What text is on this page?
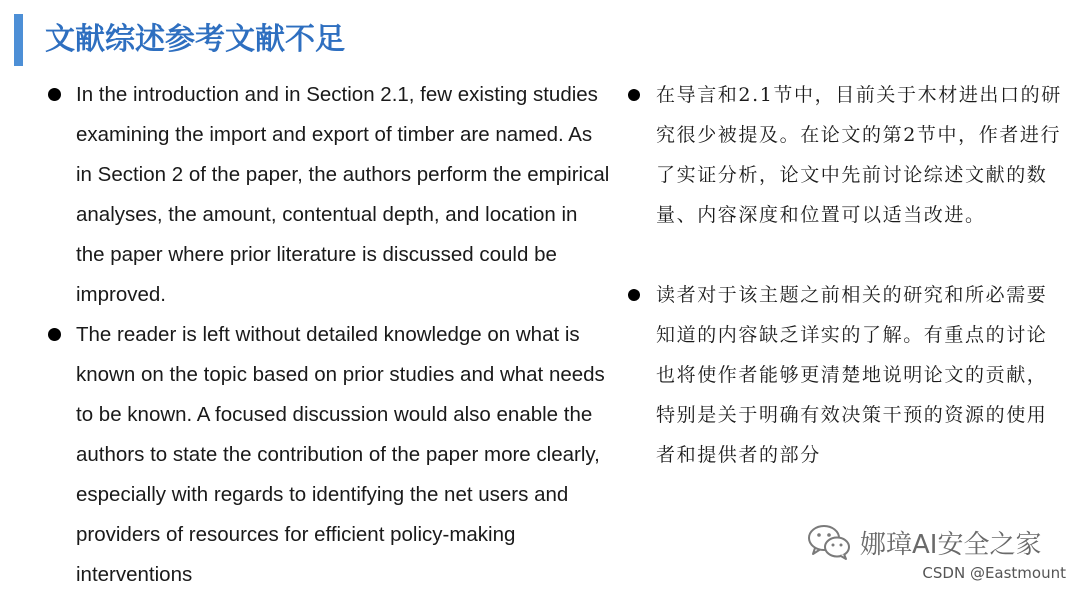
文献综述参考文献不足
In the introduction and in Section 2.1, few existing studies examining the import and export of timber are named. As in Section 2 of the paper, the authors perform the empirical analyses, the amount, contentual depth, and location in the paper where prior literature is discussed could be improved.
The reader is left without detailed knowledge on what is known on the topic based on prior studies and what needs to be known. A focused discussion would also enable the authors to state the contribution of the paper more clearly, especially with regards to identifying the net users and providers of resources for efficient policy-making interventions
在导言和2.1节中，目前关于木材进出口的研究很少被提及。在论文的第2节中，作者进行了实证分析，论文中先前讨论综述文献的数量、内容深度和位置可以适当改进。
读者对于该主题之前相关的研究和所必需要知道的内容缺乏详实的了解。有重点的讨论也将使作者能够更清楚地说明论文的贡献，特别是关于明确有效决策干预的资源的使用者和提供者的部分
娜璋AI安全之家
CSDN @Eastmount
